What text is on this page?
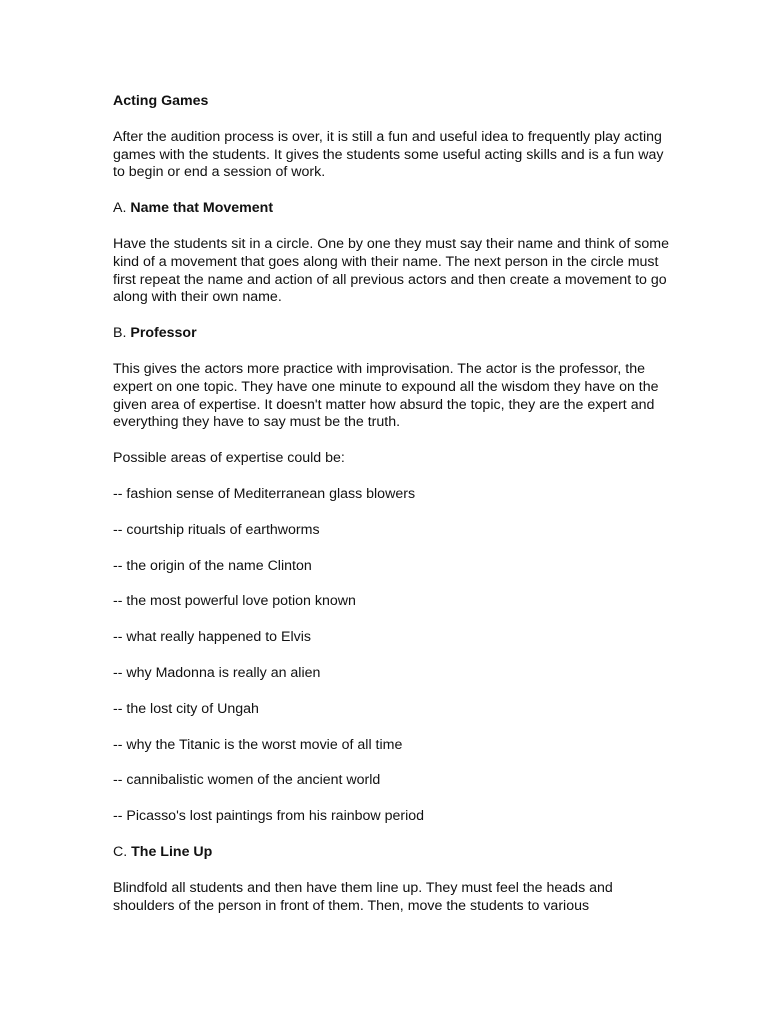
Acting Games

After the audition process is over, it is still a fun and useful idea to frequently play acting games with the students. It gives the students some useful acting skills and is a fun way to begin or end a session of work.

A. Name that Movement

Have the students sit in a circle. One by one they must say their name and think of some kind of a movement that goes along with their name. The next person in the circle must first repeat the name and action of all previous actors and then create a movement to go along with their own name.

B. Professor

This gives the actors more practice with improvisation. The actor is the professor, the expert on one topic. They have one minute to expound all the wisdom they have on the given area of expertise. It doesn't matter how absurd the topic, they are the expert and everything they have to say must be the truth.

Possible areas of expertise could be:

-- fashion sense of Mediterranean glass blowers

-- courtship rituals of earthworms

-- the origin of the name Clinton

-- the most powerful love potion known

-- what really happened to Elvis

-- why Madonna is really an alien

-- the lost city of Ungah

-- why the Titanic is the worst movie of all time

-- cannibalistic women of the ancient world

-- Picasso's lost paintings from his rainbow period

C. The Line Up

Blindfold all students and then have them line up. They must feel the heads and shoulders of the person in front of them. Then, move the students to various
